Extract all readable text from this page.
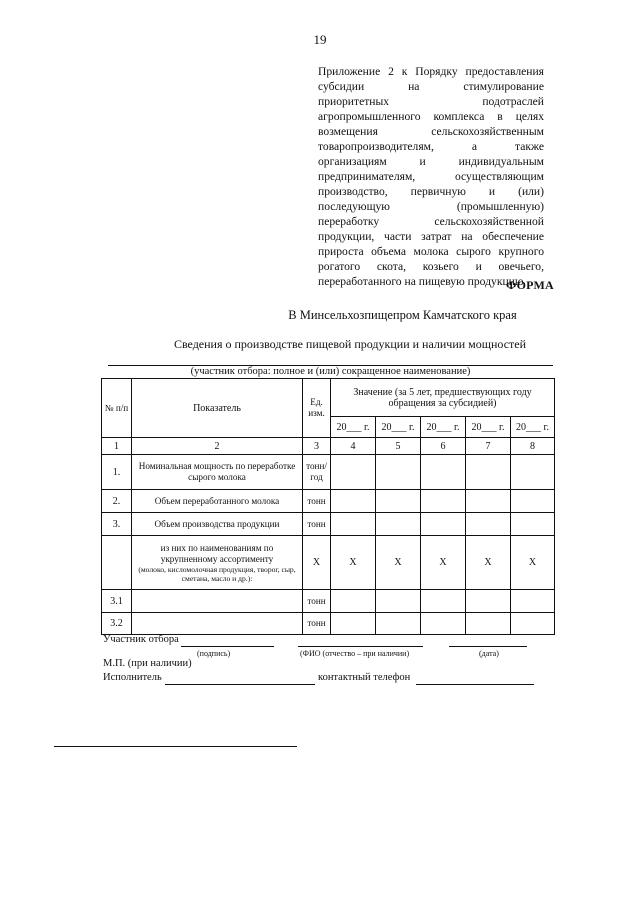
19
Приложение 2 к Порядку предоставления
субсидии на стимулирование
приоритетных подотраслей
агропромышленного комплекса в целях
возмещения сельскохозяйственным
товаропроизводителям, а также
организациям и индивидуальным
предпринимателям, осуществляющим
производство, первичную и (или)
последующую (промышленную)
переработку сельскохозяйственной
продукции, части затрат на обеспечение
прироста объема молока сырого крупного
рогатого скота, козьего и овечьего,
переработанного на пищевую продукцию
ФОРМА
В Минсельхозпищепром Камчатского края
Сведения о производстве пищевой продукции и наличии мощностей
(участник отбора: полное и (или) сокращенное наименование)
№ п/п	Показатель	Ед. изм.	Значение (за 5 лет, предшествующих году обращения за субсидией)				
			20___ г.	20___ г.	20___ г.	20___ г.	20___ г.
1	2	3	4	5	6	7	8
1.	Номинальная мощность по переработке сырого молока	тонн/ год					
2.	Объем переработанного молока	тонн					
3.	Объем производства продукции	тонн					

	из них по наименованиям по укрупненному ассортименту
(молоко, кисломолочная продукция, творог, сыр, сметана, масло и др.):	Х	Х	Х	Х	Х	Х
3.1		тонн					
3.2		тонн					
Участник отбора
(подпись)	(ФИО (отчество – при наличии)	(дата)
М.П. (при наличии)
Исполнитель	контактный телефон
